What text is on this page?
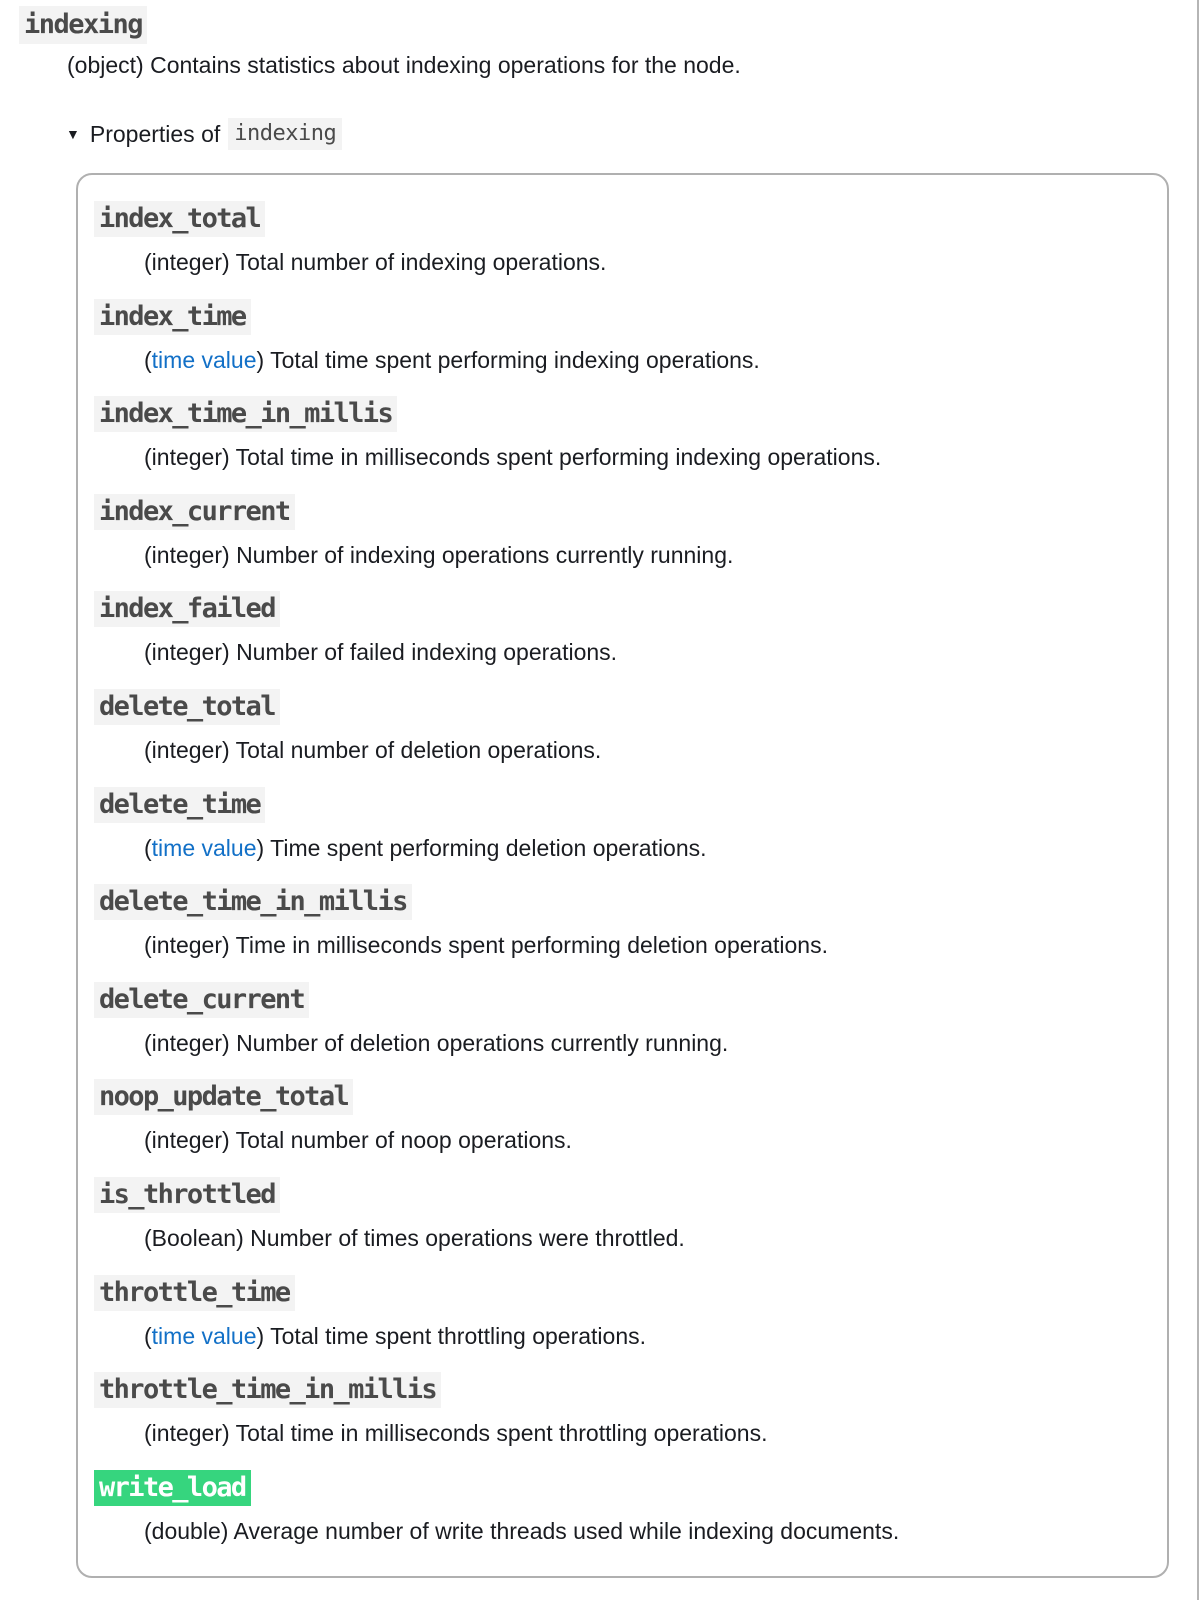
indexing
(object) Contains statistics about indexing operations for the node.
▼ Properties of indexing
index_total
(integer) Total number of indexing operations.
index_time
(time value) Total time spent performing indexing operations.
index_time_in_millis
(integer) Total time in milliseconds spent performing indexing operations.
index_current
(integer) Number of indexing operations currently running.
index_failed
(integer) Number of failed indexing operations.
delete_total
(integer) Total number of deletion operations.
delete_time
(time value) Time spent performing deletion operations.
delete_time_in_millis
(integer) Time in milliseconds spent performing deletion operations.
delete_current
(integer) Number of deletion operations currently running.
noop_update_total
(integer) Total number of noop operations.
is_throttled
(Boolean) Number of times operations were throttled.
throttle_time
(time value) Total time spent throttling operations.
throttle_time_in_millis
(integer) Total time in milliseconds spent throttling operations.
write_load
(double) Average number of write threads used while indexing documents.
